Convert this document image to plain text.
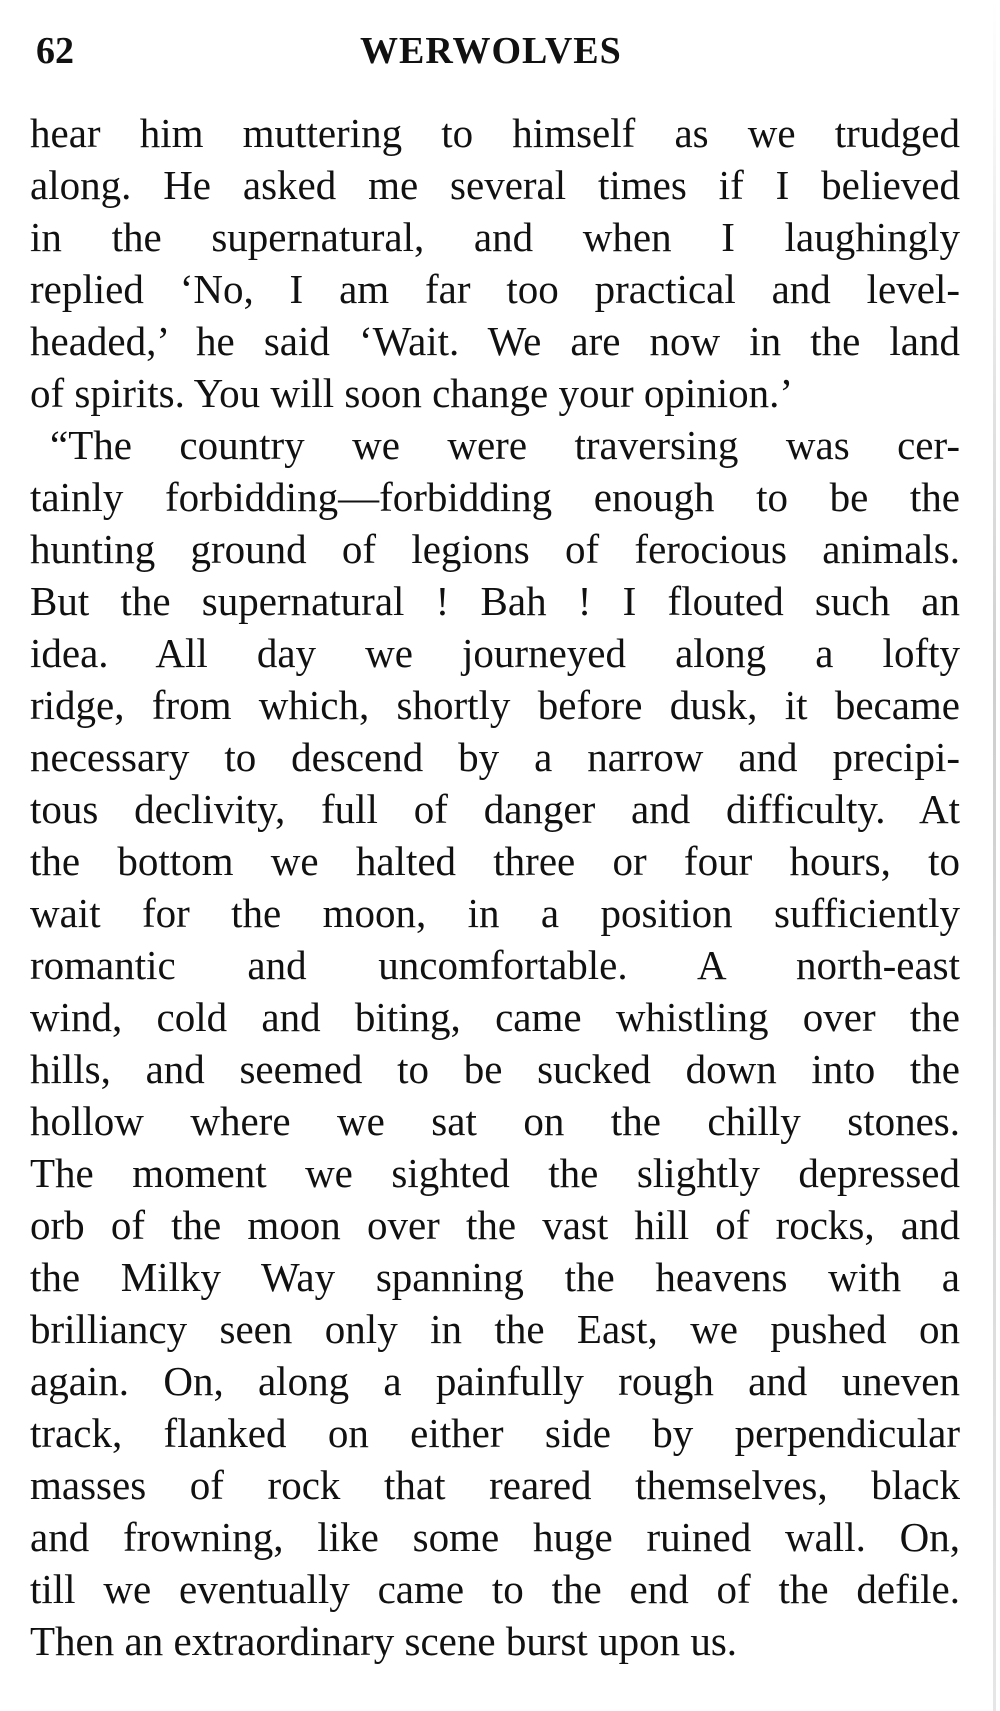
62	WERWOLVES
hear him muttering to himself as we trudged
along. He asked me several times if I believed
in the supernatural, and when I laughingly
replied ‘No, I am far too practical and level-
headed,’ he said ‘Wait. We are now in the land
of spirits. You will soon change your opinion.’
“The country we were traversing was cer-
tainly forbidding—forbidding enough to be the
hunting ground of legions of ferocious animals.
But the supernatural ! Bah ! I flouted such an
idea. All day we journeyed along a lofty
ridge, from which, shortly before dusk, it became
necessary to descend by a narrow and precipi-
tous declivity, full of danger and difficulty. At
the bottom we halted three or four hours, to
wait for the moon, in a position sufficiently
romantic and uncomfortable. A north-east
wind, cold and biting, came whistling over the
hills, and seemed to be sucked down into the
hollow where we sat on the chilly stones.
The moment we sighted the slightly depressed
orb of the moon over the vast hill of rocks, and
the Milky Way spanning the heavens with a
brilliancy seen only in the East, we pushed on
again. On, along a painfully rough and uneven
track, flanked on either side by perpendicular
masses of rock that reared themselves, black
and frowning, like some huge ruined wall. On,
till we eventually came to the end of the defile.
Then an extraordinary scene burst upon us.
